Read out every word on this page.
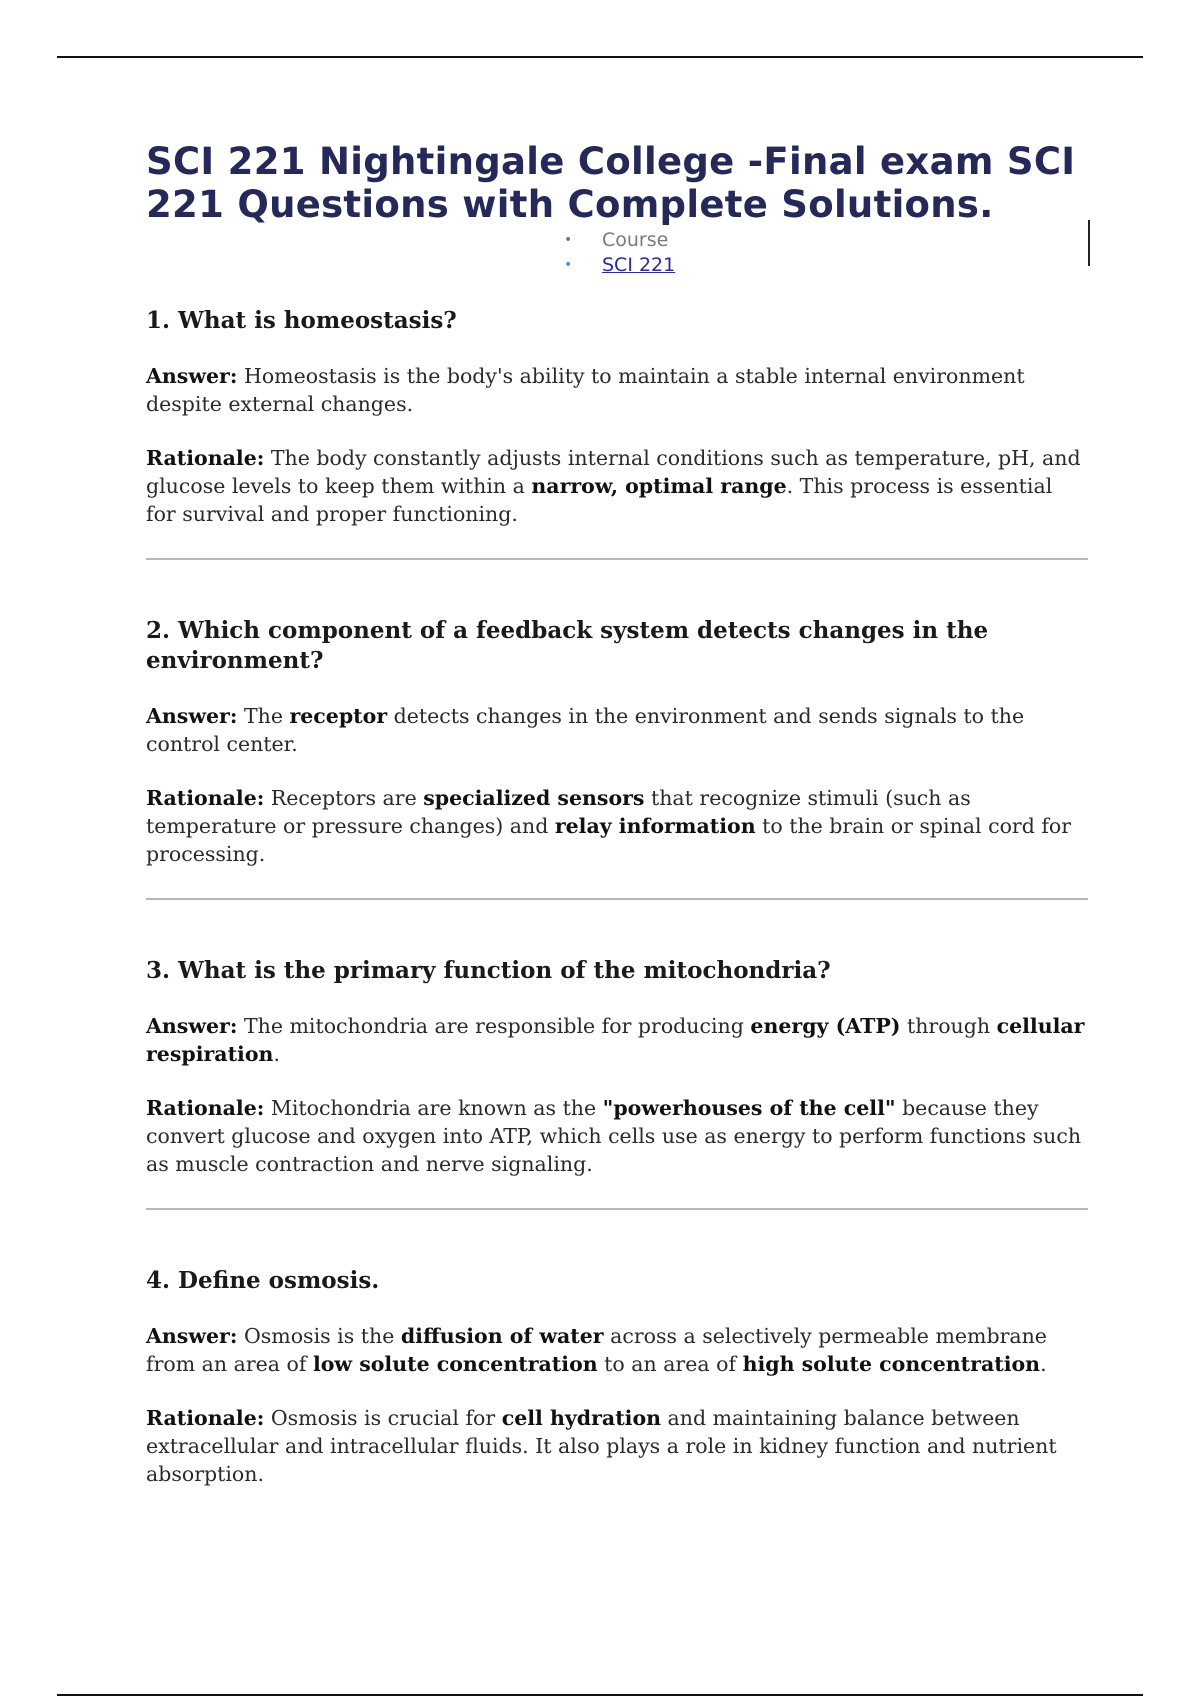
SCI 221 Nightingale College -Final exam SCI 221 Questions with Complete Solutions.
• Course
• SCI 221
1. What is homeostasis?

Answer: Homeostasis is the body's ability to maintain a stable internal environment despite external changes.

Rationale: The body constantly adjusts internal conditions such as temperature, pH, and glucose levels to keep them within a narrow, optimal range. This process is essential for survival and proper functioning.

2. Which component of a feedback system detects changes in the environment?

Answer: The receptor detects changes in the environment and sends signals to the control center.

Rationale: Receptors are specialized sensors that recognize stimuli (such as temperature or pressure changes) and relay information to the brain or spinal cord for processing.

3. What is the primary function of the mitochondria?

Answer: The mitochondria are responsible for producing energy (ATP) through cellular respiration.

Rationale: Mitochondria are known as the "powerhouses of the cell" because they convert glucose and oxygen into ATP, which cells use as energy to perform functions such as muscle contraction and nerve signaling.

4. Define osmosis.

Answer: Osmosis is the diffusion of water across a selectively permeable membrane from an area of low solute concentration to an area of high solute concentration.

Rationale: Osmosis is crucial for cell hydration and maintaining balance between extracellular and intracellular fluids. It also plays a role in kidney function and nutrient absorption.
